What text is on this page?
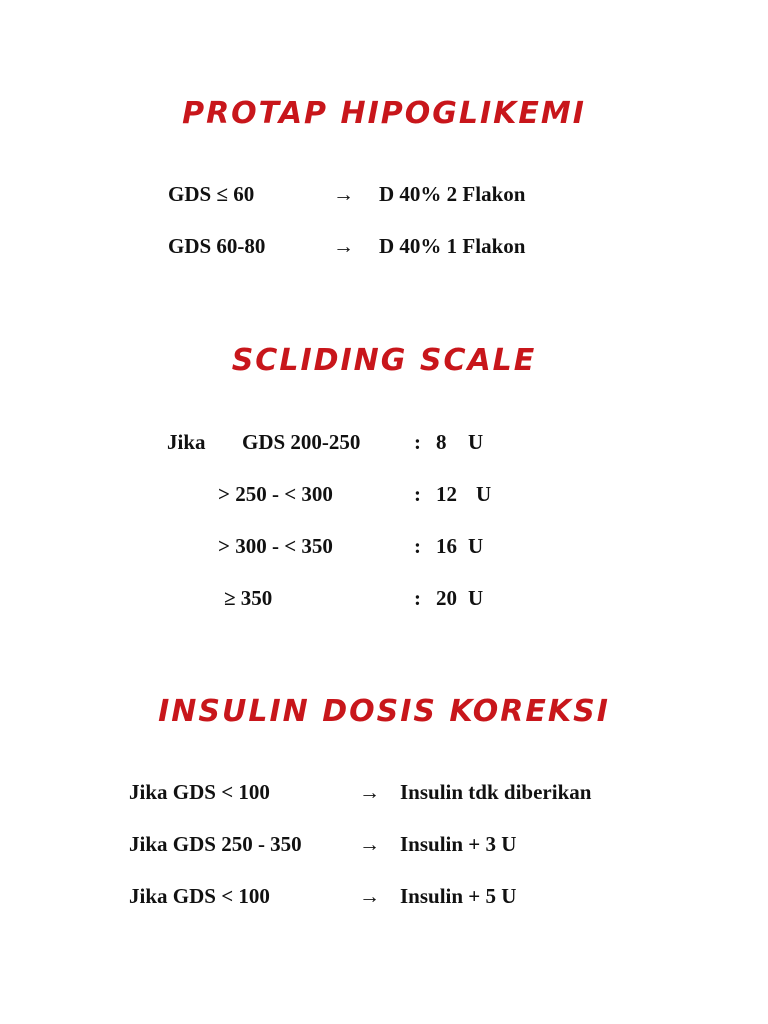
PROTAP HIPOGLIKEMI
GDS ≤ 60	→ D 40% 2 Flakon
GDS 60-80	→ D 40% 1 Flakon
SCLIDING SCALE
Jika GDS 200-250	: 8 U
> 250 - < 300	: 12 U
> 300 - < 350	: 16 U
≥ 350	: 20 U
INSULIN DOSIS KOREKSI
Jika GDS < 100	→ Insulin tdk diberikan
Jika GDS 250 - 350	→ Insulin + 3 U
Jika GDS < 100	→ Insulin + 5 U
